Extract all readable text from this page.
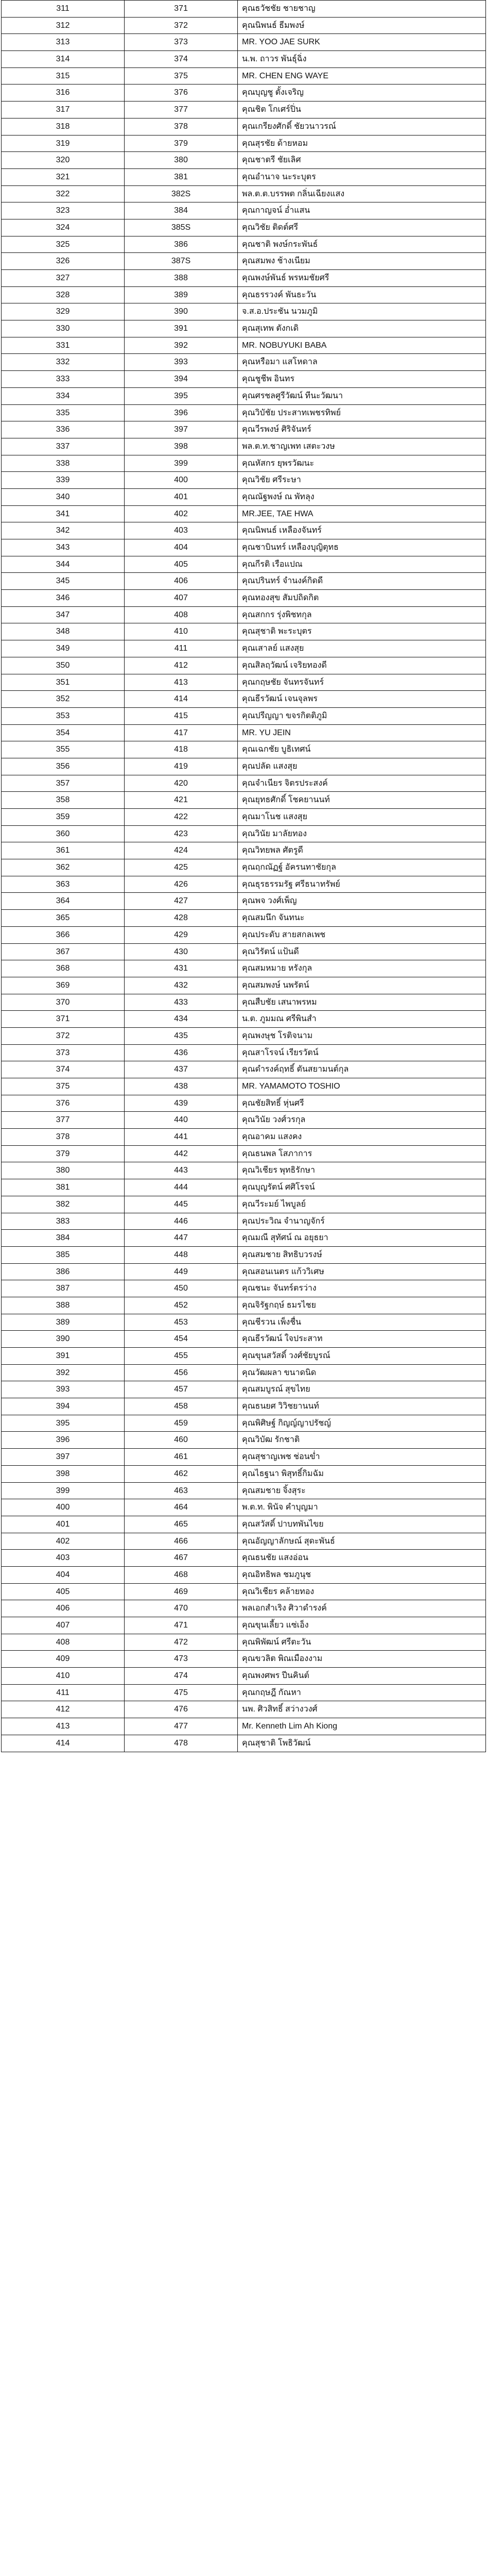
311	371	คุณธวัชชัย ชายชาญ
312	372	คุณนิพนธ์ ธีมพงษ์
313	373	MR. YOO JAE SURK
314	374	น.พ. ถาวร พันธุ์ฉิ่ง
315	375	MR. CHEN ENG WAYE
316	376	คุณบุญชู ตั้งเจริญ
317	377	คุณชิต โกเศร์ปิ่น
318	378	คุณเกรียงศักดิ์ ชัยวนาวรณ์
319	379	คุณสุรชัย ด้ายหอม
320	380	คุณชาตรี ชัยเลิศ
321	381	คุณอำนาจ นะระบุตร
322	382S	พล.ต.ต.บรรพต กลิ่นเฉียงแสง
323	384	คุณกาญจน์ อ่ำแสน
324	385S	คุณวิชัย ติดต์ศรี
325	386	คุณชาติ พงษ์กระพันธ์
326	387S	คุณสมพง ช้างเนียม
327	388	คุณพงษ์พันธ์ พรหมชัยศรี
328	389	คุณธรรวงค์ พันธะวัน
329	390	จ.ส.อ.ประชัน นวมภูมิ
330	391	คุณสุเทพ ตังกเดิ
331	392	MR. NOBUYUKI BABA
332	393	คุณหรือมา แสโหดาล
333	394	คุณชูชีพ อินทร
334	395	คุณศรชลศูรีวัฒน์ ทีนะวัฒนา
335	396	คุณวิบัชัย ประสาทเพชรทิพย์
336	397	คุณวีรพงษ์ ศิริจันทร์
337	398	พล.ต.ท.ชาญเพท เสตะวงษ
338	399	คุณหัสกร ยุพรวัฒนะ
339	400	คุณวิชัย ศรีระษา
340	401	คุณณัฐพงษ์ ณ พัทลุง
341	402	MR.JEE, TAE HWA
342	403	คุณนิพนธ์ เหลืองจันทร์
343	404	คุณชาบินทร์ เหลืองบุญิตุทธ
344	405	คุณกีรติ เรือแปณ
345	406	คุณปรินทร์ จำนงค์กิดดี
346	407	คุณทองสุข สัมปถิดกิต
347	408	คุณสกกร รุ่งพิชทกุล
348	410	คุณสุชาติ พะระบุตร
349	411	คุณเสาลย์ แสงสุย
350	412	คุณสิลฤวัฒน์ เจริยทองดี
351	413	คุณกฤษชัย จันทรจันทร์
352	414	คุณธีรวัฒน์ เจนจุลพร
353	415	คุณปรีญญา ขจรกิตติภูมิ
354	417	MR. YU JEIN
355	418	คุณเฉกชัย บูธิเทศน์
356	419	คุณปลัด แสงสุย
357	420	คุณจำเนียร จิตรประสงค์
358	421	คุณยุทธศักดิ์ โชคยานนท์
359	422	คุณมาโนช แสงสุย
360	423	คุณวินัย มาลัยทอง
361	424	คุณวิทยพล ศัตรูดี
362	425	คุณฤกณัฏฐ์ อัครนทาชัยกุล
363	426	คุณธุรธรรมรัฐ ศรีธนาทรัพย์
364	427	คุณพจ วงศ์เพ็ญ
365	428	คุณสมนึก จันทนะ
366	429	คุณประดับ สายสกลเพช
367	430	คุณวิรัตน์ แป้นดี
368	431	คุณสมหมาย หรังกุล
369	432	คุณสมพงษ์ นพรัตน์
370	433	คุณสืบชัย เสนาพรหม
371	434	น.ต. ภูมมณ ศรีพินสำ
372	435	คุณพงษุช โรติจนาม
373	436	คุณสาโรจน์ เรียรวัตน์
374	437	คุณดำรงค์ฤทธิ์ ตันสยามนต์กุล
375	438	MR. YAMAMOTO TOSHIO
376	439	คุณชัยสิทธิ์ หุ่นศรี
377	440	คุณวินัย วงศ์วรกุล
378	441	คุณอาคม แสงคง
379	442	คุณธนพล โสภาการ
380	443	คุณวิเชียร พุทธิรักษา
381	444	คุณบุญรัตน์ ศศิโรจน์
382	445	คุณวีระมย์ ไพบูลย์
383	446	คุณประวิณ จำนาญจักร์
384	447	คุณมณี สุทัศน์ ณ อยุธยา
385	448	คุณสมชาย สิทธิบวรงษ์
386	449	คุณสอนเนตร แก้ววิเศษ
387	450	คุณชนะ จันทร์ตรว่าง
388	452	คุณจิรัฐกฤษ์ ธมรไชย
389	453	คุณชีรวน เพ็งชื่น
390	454	คุณธีรวัฒน์ ใจประสาท
391	455	คุณขุนสวัสดิ์ วงศ์ชัยบูรณ์
392	456	คุณวัฒผลา ขนาดนิด
393	457	คุณสมบูรณ์ สุขไทย
394	458	คุณธนยศ วิวิชยานนท์
395	459	คุณพิศิษฐ์ กิญญ์ญาปรัชญ์
396	460	คุณวิบัฒ รักชาติ
397	461	คุณสุชาญเพช ช่อนข่ำ
398	462	คุณไธฐนา พิสุทธิ์กิมฉัม
399	463	คุณสมชาย จิ้งสุระ
400	464	พ.ต.ท. พินัจ คำบุญมา
401	465	คุณสวัสดิ์ ปาบทพันไขย
402	466	คุณอัญญาลักษณ์ สุดะพันธ์
403	467	คุณธนชัย แสงอ่อน
404	468	คุณอิทธิพล ชมภูนุช
405	469	คุณวิเชียร คล้ายทอง
406	470	พลเอกสำเริง ศิวาดำรงค์
407	471	คุณขุนเลี้ยว แซ่เอ็ง
408	472	คุณพิพัฒน์ ศรีตะวัน
409	473	คุณขวลิต พิณเมืองงาม
410	474	คุณพงศพร ปีนคินต์
411	475	คุณกฤษฎี กัณหา
412	476	นพ. ศิวสิทธิ์ สว่างวงศ์
413	477	Mr. Kenneth Lim Ah Kiong
414	478	คุณสุชาติ โพธิวัฒน์
